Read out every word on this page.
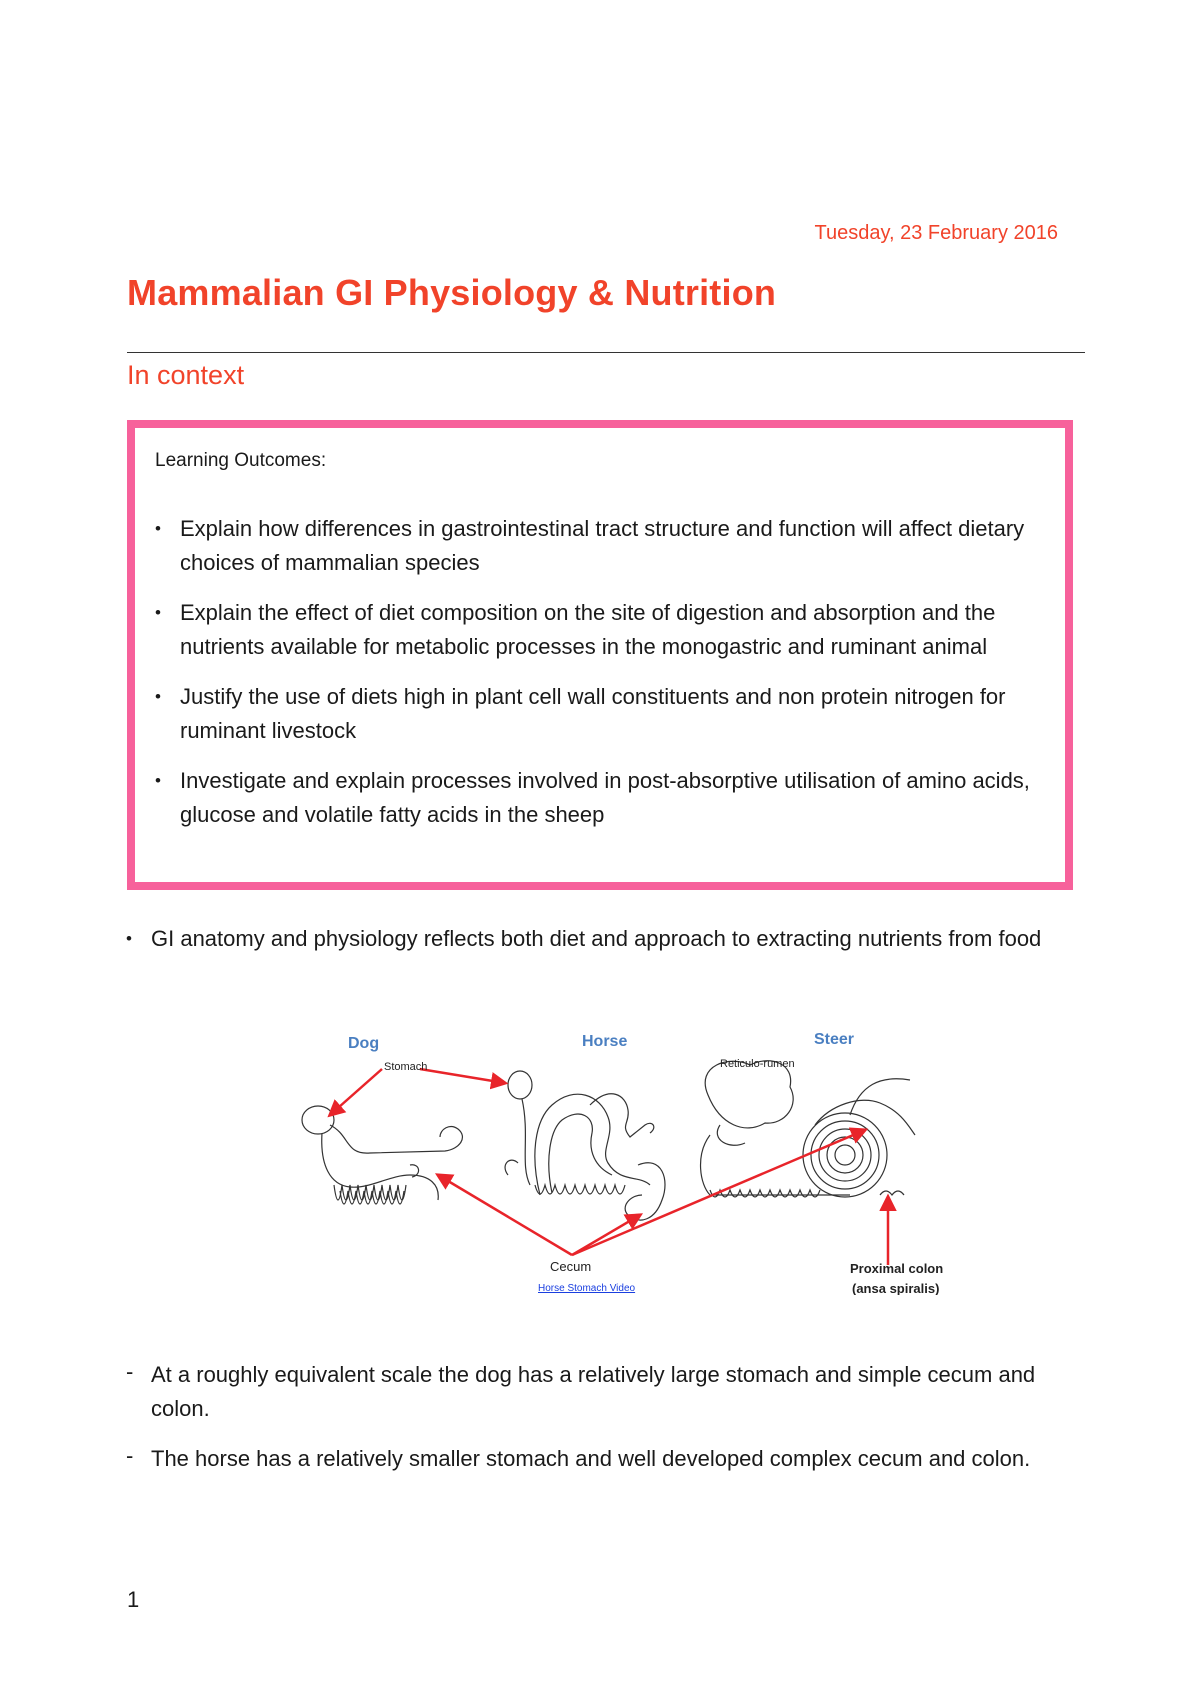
Tuesday, 23 February 2016
Mammalian GI Physiology & Nutrition
In context
Learning Outcomes:
• Explain how differences in gastrointestinal tract structure and function will affect dietary choices of mammalian species
• Explain the effect of diet composition on the site of digestion and absorption and the nutrients available for metabolic processes in the monogastric and ruminant animal
• Justify the use of diets high in plant cell wall constituents and non protein nitrogen for ruminant livestock
• Investigate and explain processes involved in post-absorptive utilisation of amino acids, glucose and volatile fatty acids in the sheep
• GI anatomy and physiology reflects both diet and approach to extracting nutrients from food
Dog	Horse	Steer
Stomach	Reticulo-rumen
Cecum
Horse Stomach Video
Proximal colon
(ansa spiralis)
- At a roughly equivalent scale the dog has a relatively large stomach and simple cecum and colon.
- The horse has a relatively smaller stomach and well developed complex cecum and colon.
1
